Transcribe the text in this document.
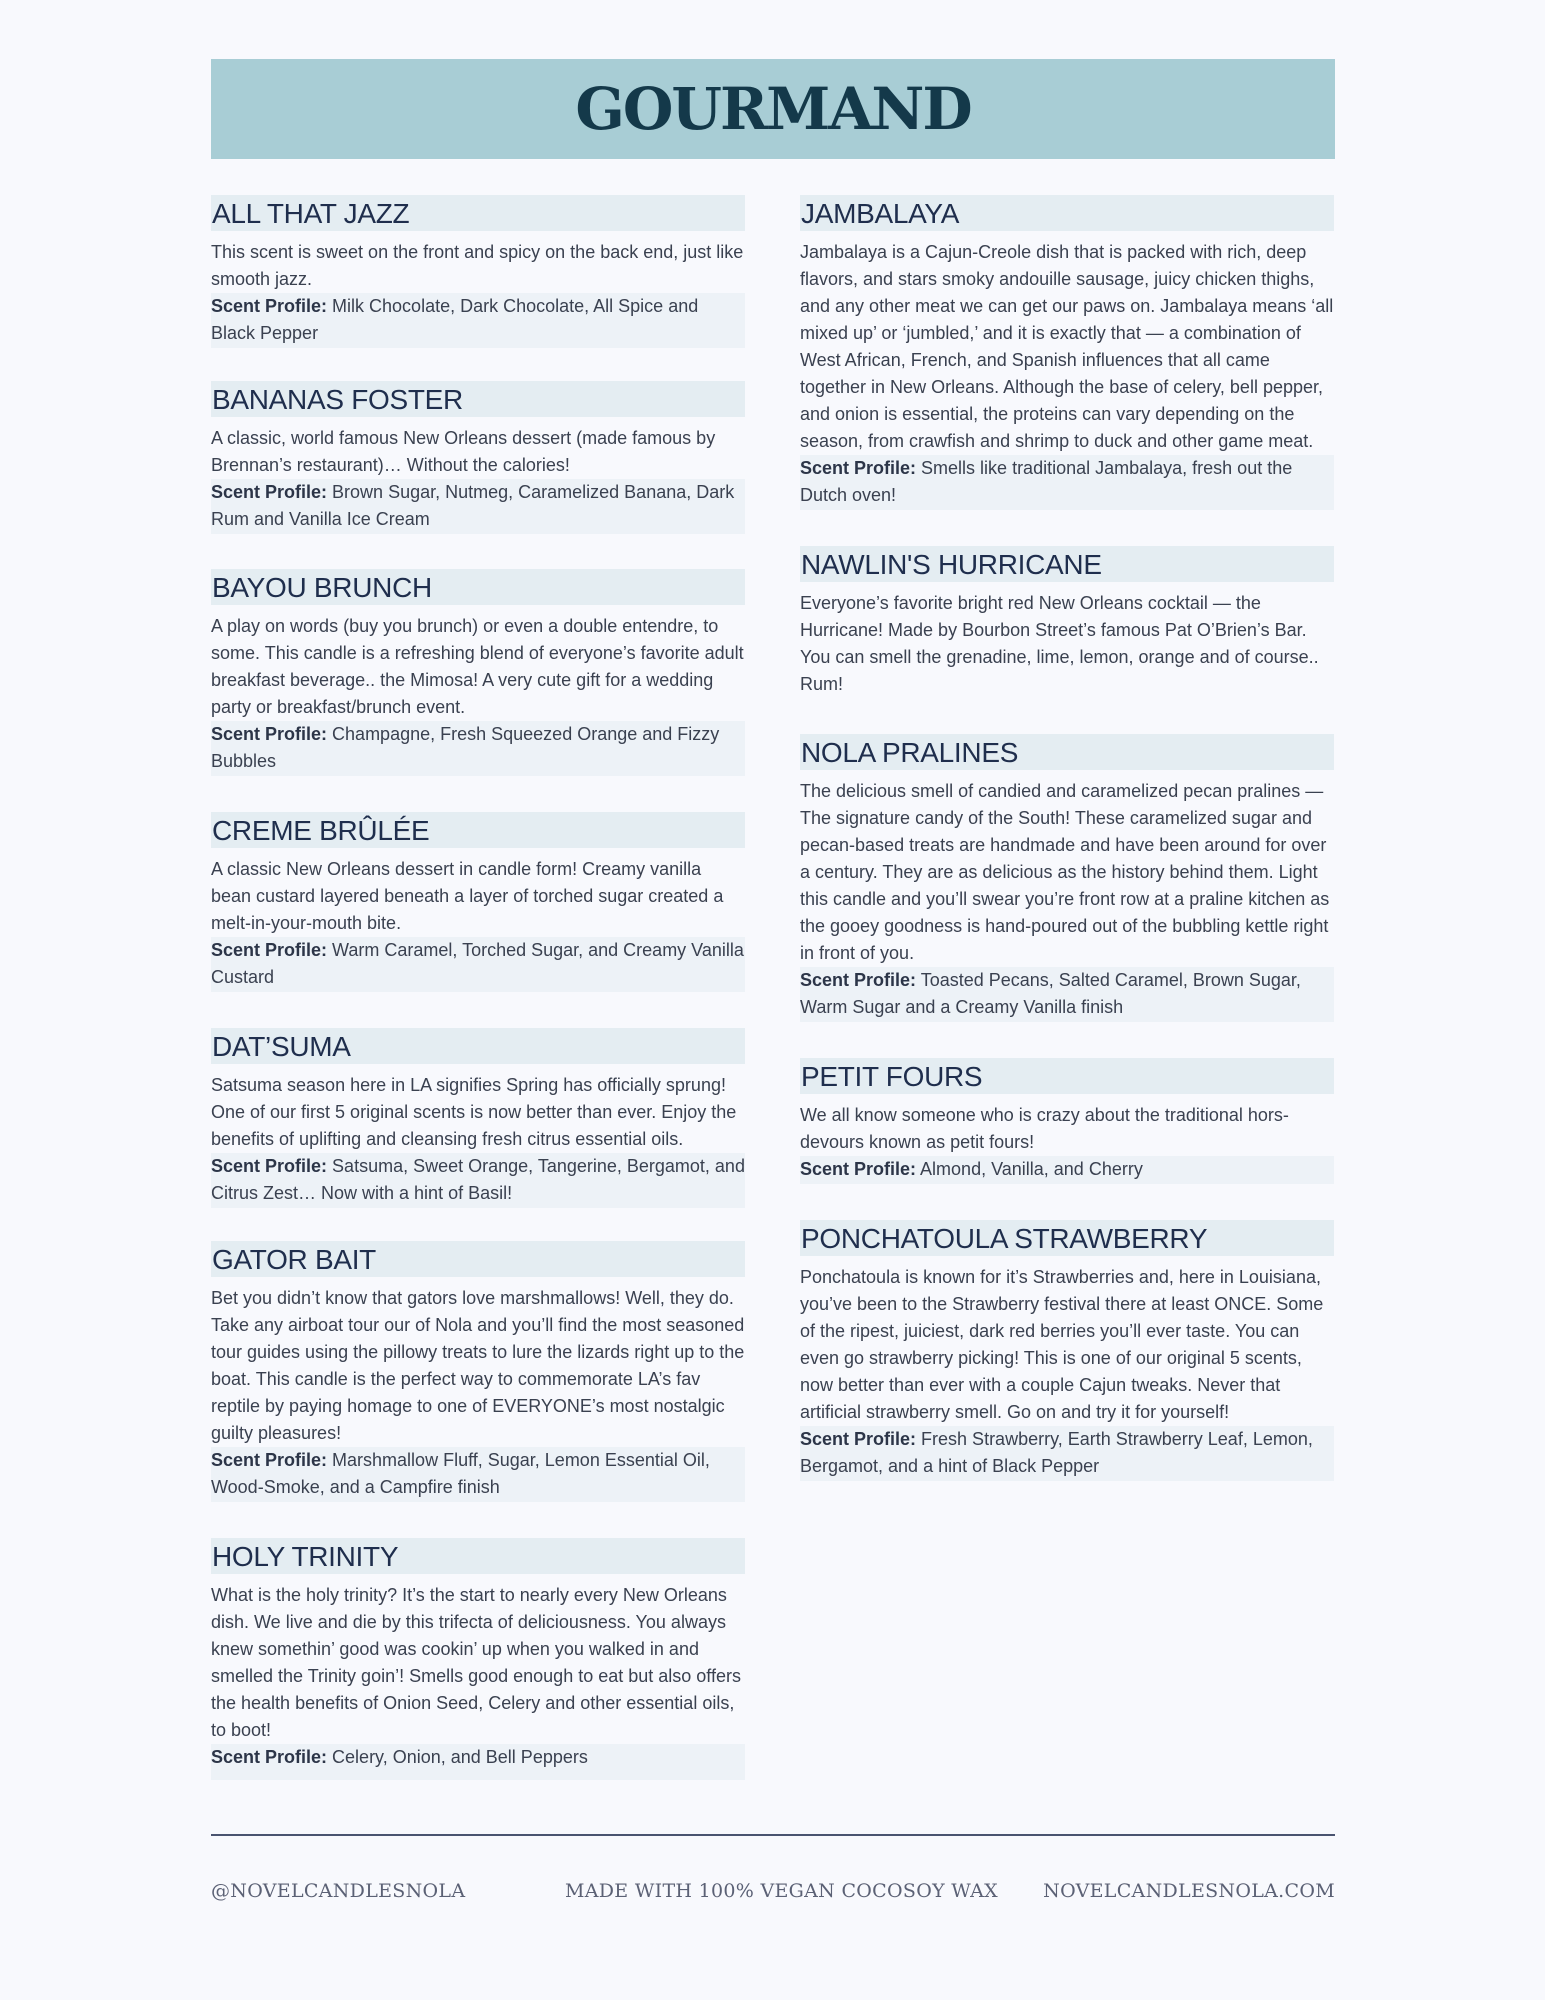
GOURMAND
ALL THAT JAZZ

This scent is sweet on the front and spicy on the back end, just like smooth jazz.

Scent Profile: Milk Chocolate, Dark Chocolate, All Spice and Black Pepper

BANANAS FOSTER

A classic, world famous New Orleans dessert (made famous by Brennan’s restaurant)… Without the calories!

Scent Profile: Brown Sugar, Nutmeg, Caramelized Banana, Dark Rum and Vanilla Ice Cream

BAYOU BRUNCH

A play on words (buy you brunch) or even a double entendre, to some. This candle is a refreshing blend of everyone’s favorite adult breakfast beverage.. the Mimosa! A very cute gift for a wedding party or breakfast/brunch event.

Scent Profile: Champagne, Fresh Squeezed Orange and Fizzy Bubbles

CREME BRÛLÉE

A classic New Orleans dessert in candle form! Creamy vanilla bean custard layered beneath a layer of torched sugar created a melt-in-your-mouth bite.

Scent Profile: Warm Caramel, Torched Sugar, and Creamy Vanilla Custard

DAT’SUMA

Satsuma season here in LA signifies Spring has officially sprung! One of our first 5 original scents is now better than ever. Enjoy the benefits of uplifting and cleansing fresh citrus essential oils.

Scent Profile: Satsuma, Sweet Orange, Tangerine, Bergamot, and Citrus Zest… Now with a hint of Basil!

GATOR BAIT

Bet you didn’t know that gators love marshmallows! Well, they do. Take any airboat tour our of Nola and you’ll find the most seasoned tour guides using the pillowy treats to lure the lizards right up to the boat. This candle is the perfect way to commemorate LA’s fav reptile by paying homage to one of EVERYONE’s most nostalgic guilty pleasures!

Scent Profile: Marshmallow Fluff, Sugar, Lemon Essential Oil, Wood-Smoke, and a Campfire finish

HOLY TRINITY

What is the holy trinity? It’s the start to nearly every New Orleans dish. We live and die by this trifecta of deliciousness. You always knew somethin’ good was cookin’ up when you walked in and smelled the Trinity goin’! Smells good enough to eat but also offers the health benefits of Onion Seed, Celery and other essential oils, to boot!

Scent Profile: Celery, Onion, and Bell Peppers

JAMBALAYA

Jambalaya is a Cajun-Creole dish that is packed with rich, deep flavors, and stars smoky andouille sausage, juicy chicken thighs, and any other meat we can get our paws on. Jambalaya means ‘all mixed up’ or ‘jumbled,’ and it is exactly that — a combination of West African, French, and Spanish influences that all came together in New Orleans. Although the base of celery, bell pepper, and onion is essential, the proteins can vary depending on the season, from crawfish and shrimp to duck and other game meat.

Scent Profile: Smells like traditional Jambalaya, fresh out the Dutch oven!

NAWLIN'S HURRICANE

Everyone’s favorite bright red New Orleans cocktail — the Hurricane! Made by Bourbon Street’s famous Pat O’Brien’s Bar. You can smell the grenadine, lime, lemon, orange and of course.. Rum!

NOLA PRALINES

The delicious smell of candied and caramelized pecan pralines — The signature candy of the South! These caramelized sugar and pecan-based treats are handmade and have been around for over a century. They are as delicious as the history behind them. Light this candle and you’ll swear you’re front row at a praline kitchen as the gooey goodness is hand-poured out of the bubbling kettle right in front of you.

Scent Profile: Toasted Pecans, Salted Caramel, Brown Sugar, Warm Sugar and a Creamy Vanilla finish

PETIT FOURS

We all know someone who is crazy about the traditional hors-devours known as petit fours!

Scent Profile: Almond, Vanilla, and Cherry

PONCHATOULA STRAWBERRY

Ponchatoula is known for it’s Strawberries and, here in Louisiana, you’ve been to the Strawberry festival there at least ONCE. Some of the ripest, juiciest, dark red berries you’ll ever taste. You can even go strawberry picking! This is one of our original 5 scents, now better than ever with a couple Cajun tweaks. Never that artificial strawberry smell. Go on and try it for yourself!

Scent Profile: Fresh Strawberry, Earth Strawberry Leaf, Lemon, Bergamot, and a hint of Black Pepper

@NOVELCANDLESNOLA	MADE WITH 100% VEGAN COCOSOY WAX NOVELCANDLESNOLA.COM
